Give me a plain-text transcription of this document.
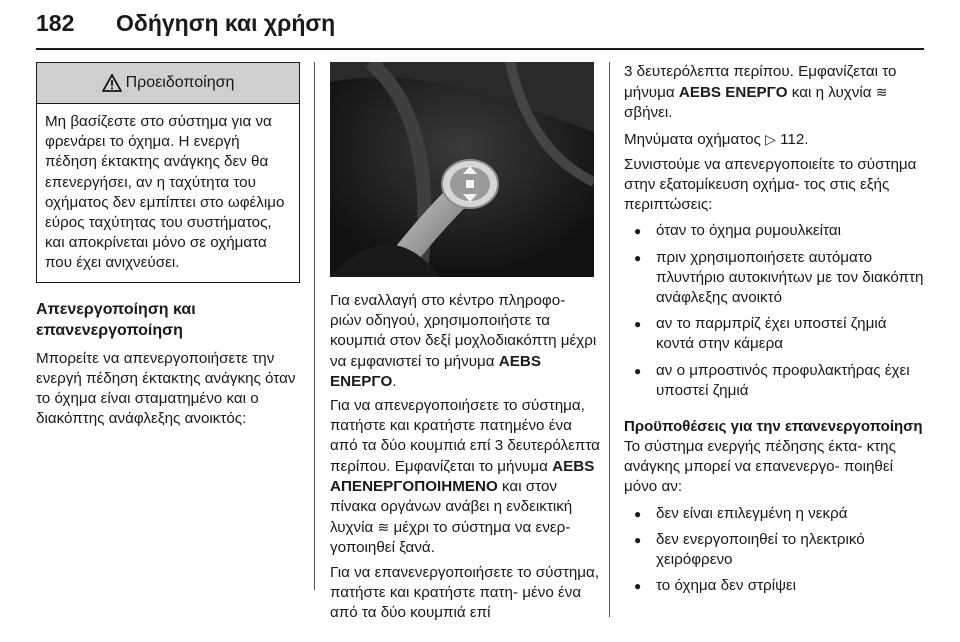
182 Οδήγηση και χρήση
Προειδοποίηση

Μη βασίζεστε στο σύστημα για να φρενάρει το όχημα. Η ενεργή πέδηση έκτακτης ανάγκης δεν θα επενεργήσει, αν η ταχύτητα του οχήματος δεν εμπίπτει στο ωφέλιμο εύρος ταχύτητας του συστήματος, και αποκρίνεται μόνο σε οχήματα που έχει ανιχνεύσει.

Απενεργοποίηση και επανενεργοποίηση

Μπορείτε να απενεργοποιήσετε την ενεργή πέδηση έκτακτης ανάγκης όταν το όχημα είναι σταματημένο και ο διακόπτης ανάφλεξης ανοικτός:

Για εναλλαγή στο κέντρο πληροφο‐ ριών οδηγού, χρησιμοποιήστε τα κουμπιά στον δεξί μοχλοδιακόπτη μέχρι να εμφανιστεί το μήνυμα AEBS ΕΝΕΡΓΟ.

Για να απενεργοποιήσετε το σύστημα, πατήστε και κρατήστε πατημένο ένα από τα δύο κουμπιά επί 3 δευτερόλεπτα περίπου. Εμφανίζεται το μήνυμα AEBS ΑΠΕΝΕΡΓΟΠΟΙΗΜΕΝΟ και στον πίνακα οργάνων ανάβει η ενδεικτική λυχνία ≋ μέχρι το σύστημα να ενερ‐ γοποιηθεί ξανά.

Για να επανενεργοποιήσετε το σύστημα, πατήστε και κρατήστε πατη‐ μένο ένα από τα δύο κουμπιά επί

3 δευτερόλεπτα περίπου. Εμφανίζεται το μήνυμα AEBS ΕΝΕΡΓΟ και η λυχνία ≋ σβήνει.

Μηνύματα οχήματος ▷ 112.

Συνιστούμε να απενεργοποιείτε το σύστημα στην εξατομίκευση οχήμα‐ τος στις εξής περιπτώσεις:

● όταν το όχημα ρυμουλκείται
● πριν χρησιμοποιήσετε αυτόματο πλυντήριο αυτοκινήτων με τον διακόπτη ανάφλεξης ανοικτό
● αν το παρμπρίζ έχει υποστεί ζημιά κοντά στην κάμερα
● αν ο μπροστινός προφυλακτήρας έχει υποστεί ζημιά
Προϋποθέσεις για την επανενεργοποίηση

Το σύστημα ενεργής πέδησης έκτα‐ κτης ανάγκης μπορεί να επανενεργο‐ ποιηθεί μόνο αν:

● δεν είναι επιλεγμένη η νεκρά
● δεν ενεργοποιηθεί το ηλεκτρικό χειρόφρενο
● το όχημα δεν στρίψει
